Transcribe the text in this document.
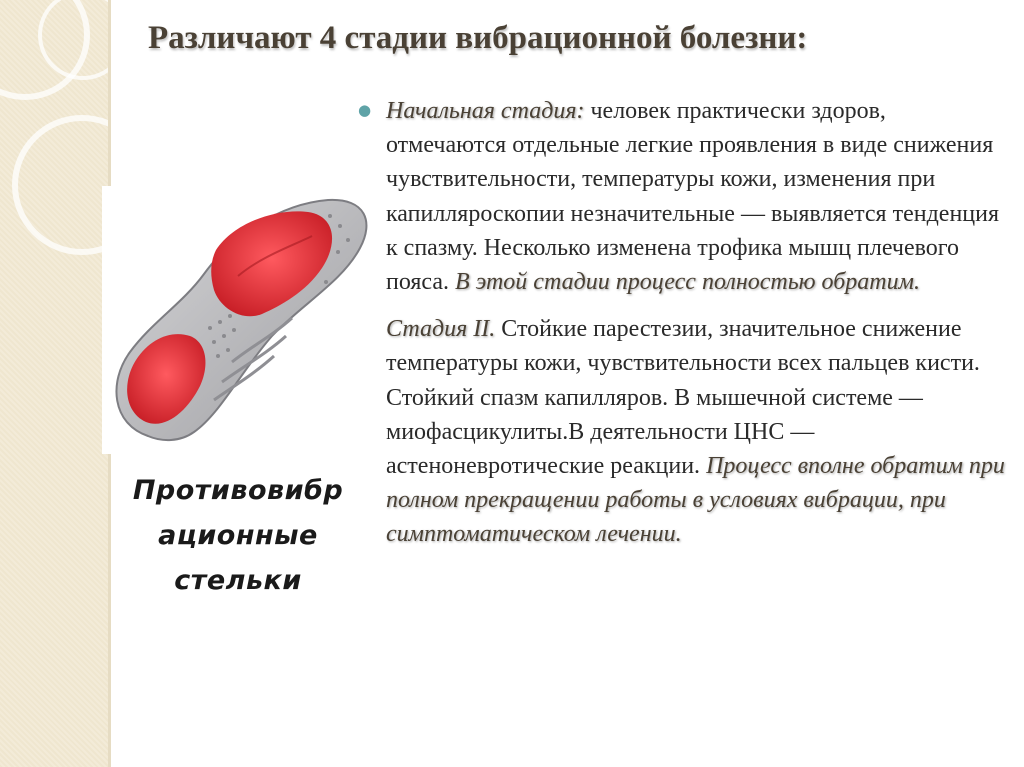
Различают 4 стадии вибрационной болезни:
Противовибр
ационные
стельки
● Начальная стадия: человек практически здоров, отмечаются отдельные легкие проявления в виде снижения чувствительности, температуры кожи, изменения при капилляроскопии незначительные — выявляется тенденция к спазму. Несколько изменена трофика мышц плечевого пояса. В этой стадии процесс полностью обратим.

Стадия II. Стойкие парестезии, значительное снижение температуры кожи, чувствительности всех пальцев кисти. Стойкий спазм капилляров. В мышечной системе — миофасцикулиты.В деятельности ЦНС — астеноневротические реакции. Процесс вполне обратим при полном прекращении работы в условиях вибрации, при симптоматическом лечении.
